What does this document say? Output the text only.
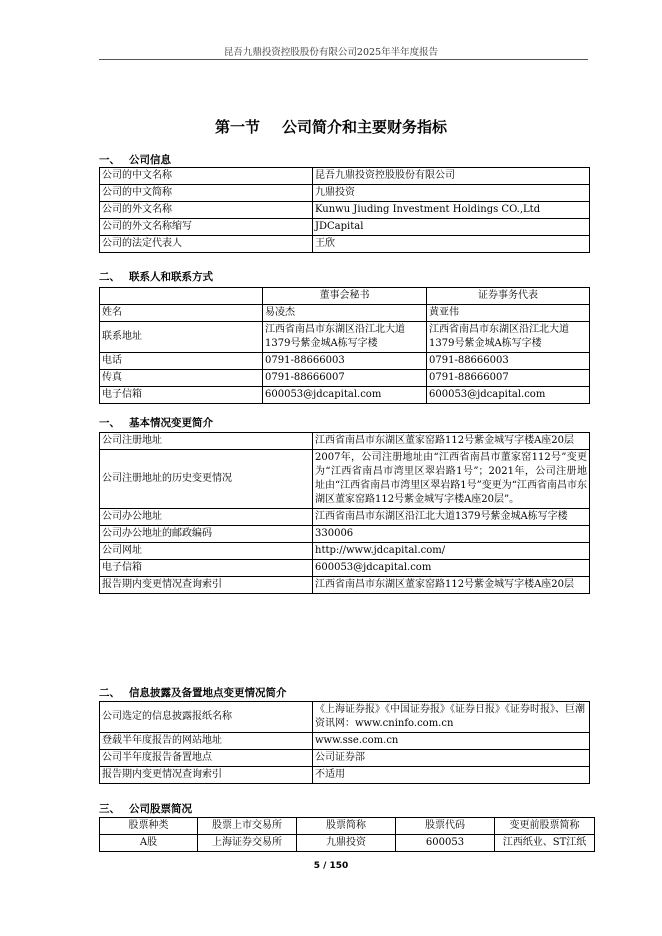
昆吾九鼎投资控股股份有限公司2025年半年度报告
第一节 公司简介和主要财务指标
一、 公司信息
公司的中文名称	昆吾九鼎投资控股股份有限公司
公司的中文简称	九鼎投资
公司的外文名称	Kunwu Jiuding Investment Holdings CO.,Ltd
公司的外文名称缩写	JDCapital
公司的法定代表人	王欣
二、 联系人和联系方式
	董事会秘书	证券事务代表
姓名	易凌杰	黄亚伟
联系地址	江西省南昌市东湖区沿江北大道1379号紫金城A栋写字楼	江西省南昌市东湖区沿江北大道1379号紫金城A栋写字楼
电话	0791-88666003	0791-88666003
传真	0791-88666007	0791-88666007
电子信箱	600053@jdcapital.com	600053@jdcapital.com
一、 基本情况变更简介
公司注册地址	江西省南昌市东湖区董家窑路112号紫金城写字楼A座20层
公司注册地址的历史变更情况	2007年，公司注册地址由“江西省南昌市董家窑112号”变更为“江西省南昌市湾里区翠岩路1号”；2021年，公司注册地址由“江西省南昌市湾里区翠岩路1号”变更为“江西省南昌市东湖区董家窑路112号紫金城写字楼A座20层”。
公司办公地址	江西省南昌市东湖区沿江北大道1379号紫金城A栋写字楼
公司办公地址的邮政编码	330006
公司网址	http://www.jdcapital.com/
电子信箱	600053@jdcapital.com
报告期内变更情况查询索引	江西省南昌市东湖区董家窑路112号紫金城写字楼A座20层
二、 信息披露及备置地点变更情况简介
公司选定的信息披露报纸名称	《上海证券报》《中国证券报》《证券日报》《证券时报》、巨潮资讯网：www.cninfo.com.cn
登载半年度报告的网站地址	www.sse.com.cn
公司半年度报告备置地点	公司证券部
报告期内变更情况查询索引	不适用
三、 公司股票简况
股票种类	股票上市交易所	股票简称	股票代码	变更前股票简称
A股	上海证券交易所	九鼎投资	600053	江西纸业、ST江纸
5 / 150
